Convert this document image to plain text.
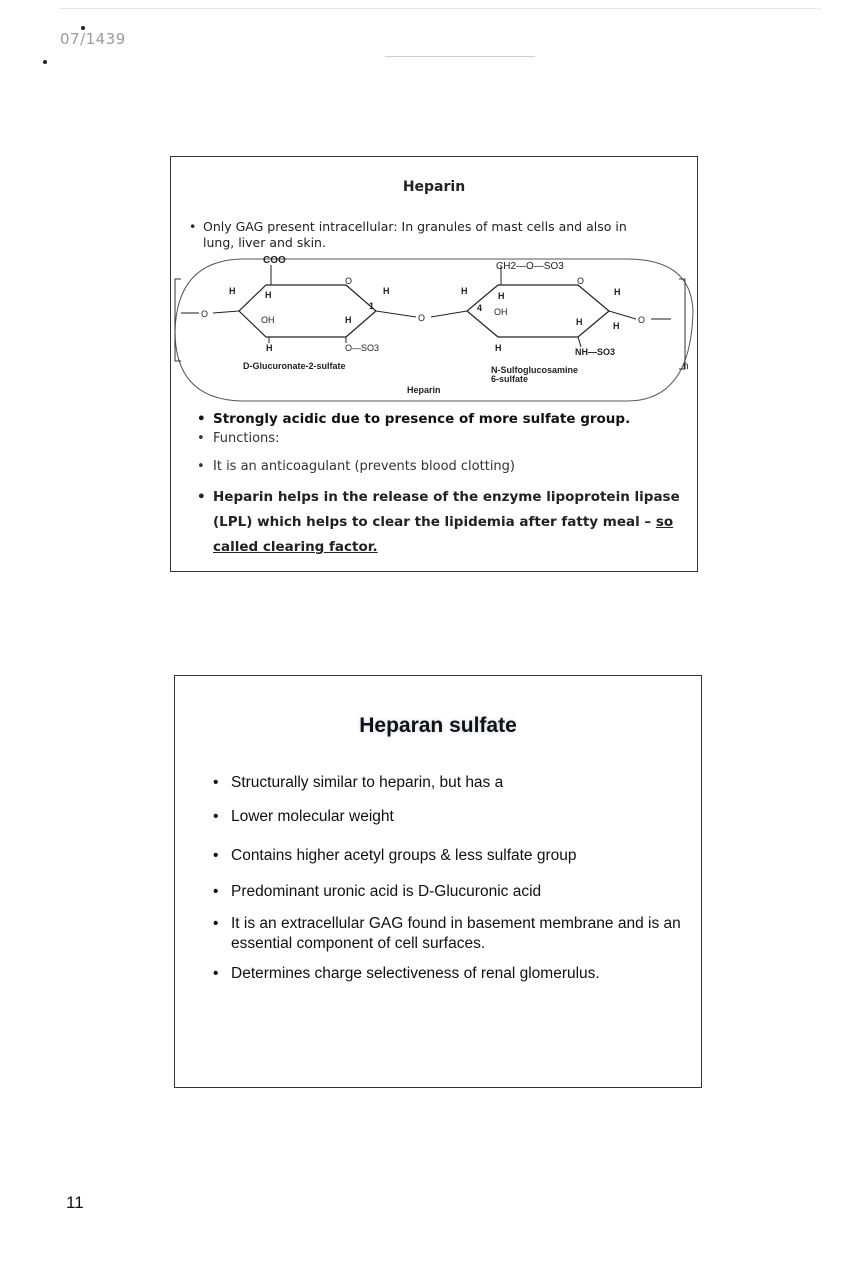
07/1439
Heparin
• Only GAG present intracellular: In granules of mast cells and also in lung, liver and skin.
n
COO
CH2—O—SO3
O
H	H	H
H
OH
H	O—SO3
1
O	O
O
H	H
4 OH
H
H
H
O
H	NH—SO3
D-Glucuronate-2-sulfate	N-Sulfoglucosamine
6-sulfate
Heparin
• Strongly acidic due to presence of more sulfate group.
• Functions:
• It is an anticoagulant (prevents blood clotting)
• Heparin helps in the release of the enzyme lipoprotein lipase (LPL) which helps to clear the lipidemia after fatty meal – so called clearing factor.
Heparan sulfate
• Structurally similar to heparin, but has a
• Lower molecular weight
• Contains higher acetyl groups & less sulfate group
• Predominant uronic acid is D-Glucuronic acid
• It is an extracellular GAG found in basement membrane and is an essential component of cell surfaces.
• Determines charge selectiveness of renal glomerulus.
11
